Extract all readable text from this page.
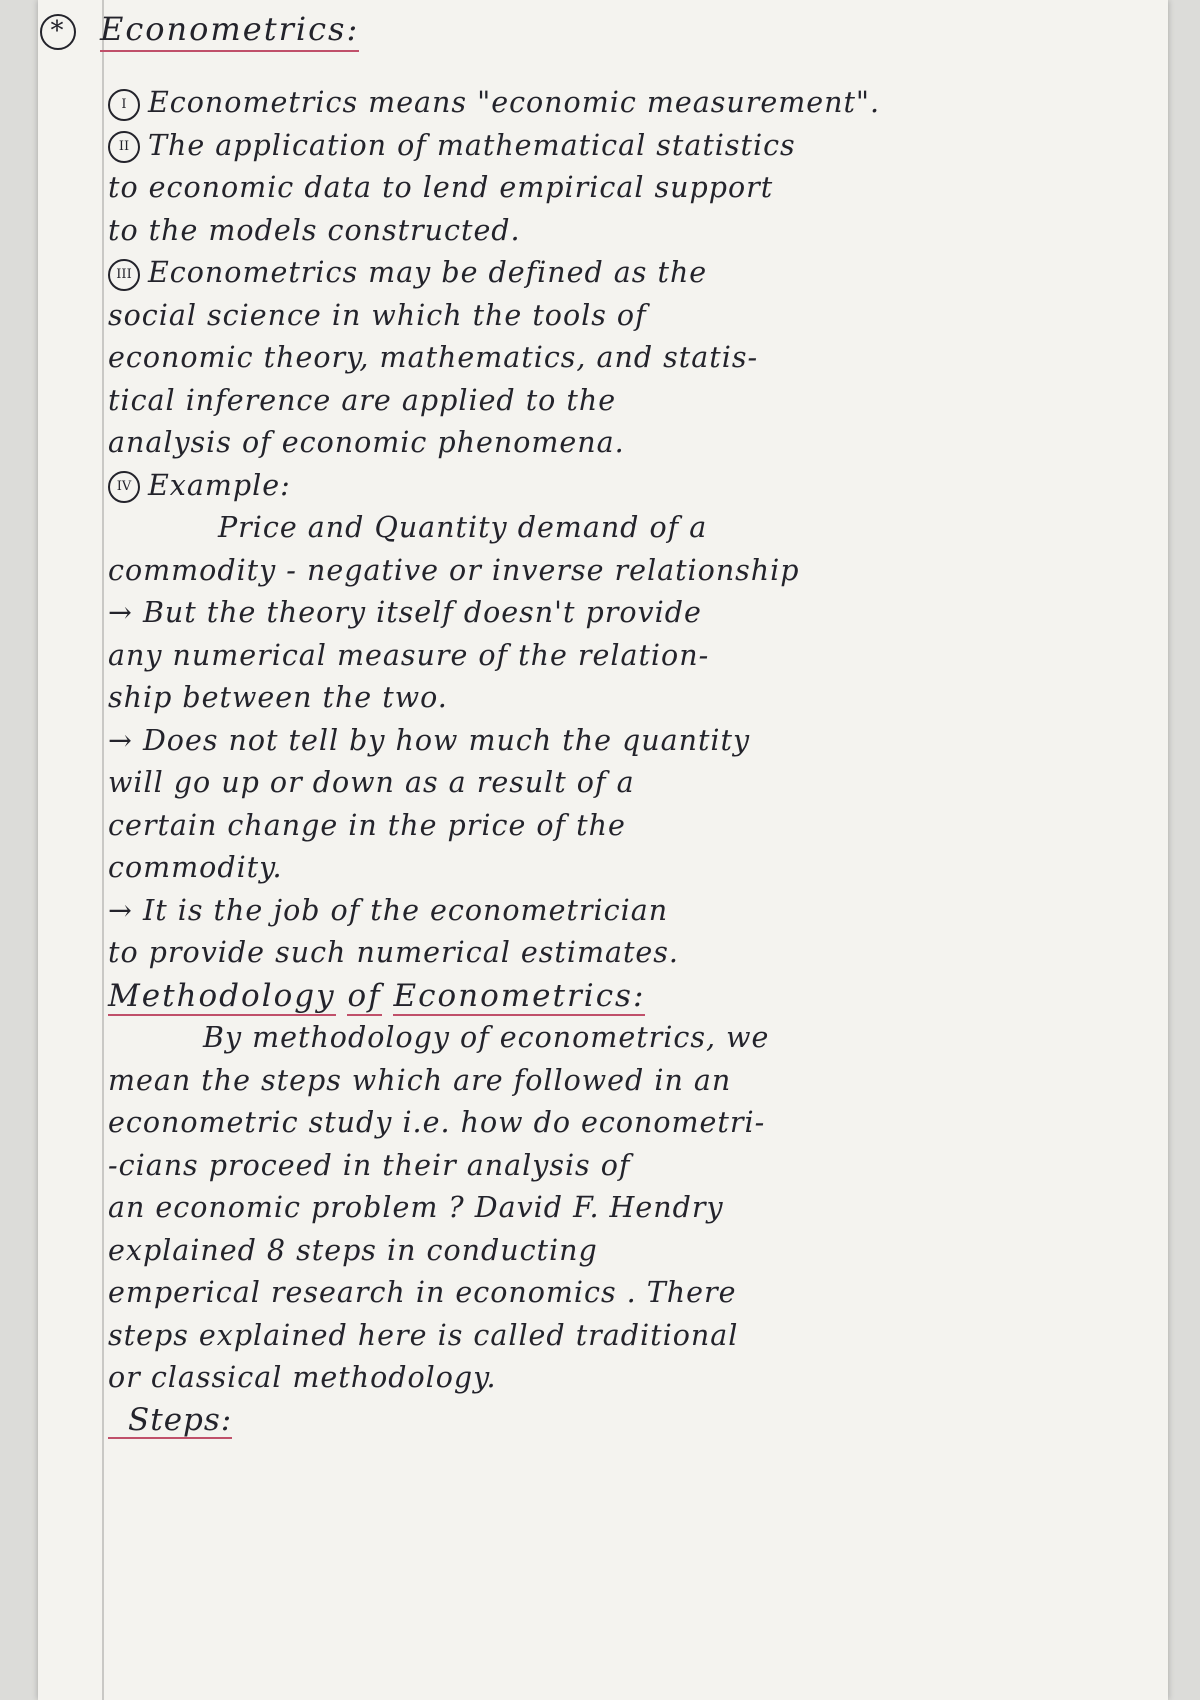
* Econometrics:
I Econometrics means "economic measurement".
II The application of mathematical statistics
to economic data to lend empirical support
to the models constructed.
III Econometrics may be defined as the
social science in which the tools of
economic theory, mathematics, and statis-
tical inference are applied to the
analysis of economic phenomena.
IV Example:
Price and Quantity demand of a
commodity - negative or inverse relationship
→ But the theory itself doesn't provide
any numerical measure of the relation-
ship between the two.
→ Does not tell by how much the quantity
will go up or down as a result of a
certain change in the price of the
commodity.
→ It is the job of the econometrician
to provide such numerical estimates.
Methodology of Econometrics:
By methodology of econometrics, we
mean the steps which are followed in an
econometric study i.e. how do econometri-
-cians proceed in their analysis of
an economic problem ? David F. Hendry
explained 8 steps in conducting
emperical research in economics . There
steps explained here is called traditional
or classical methodology.
Steps:
